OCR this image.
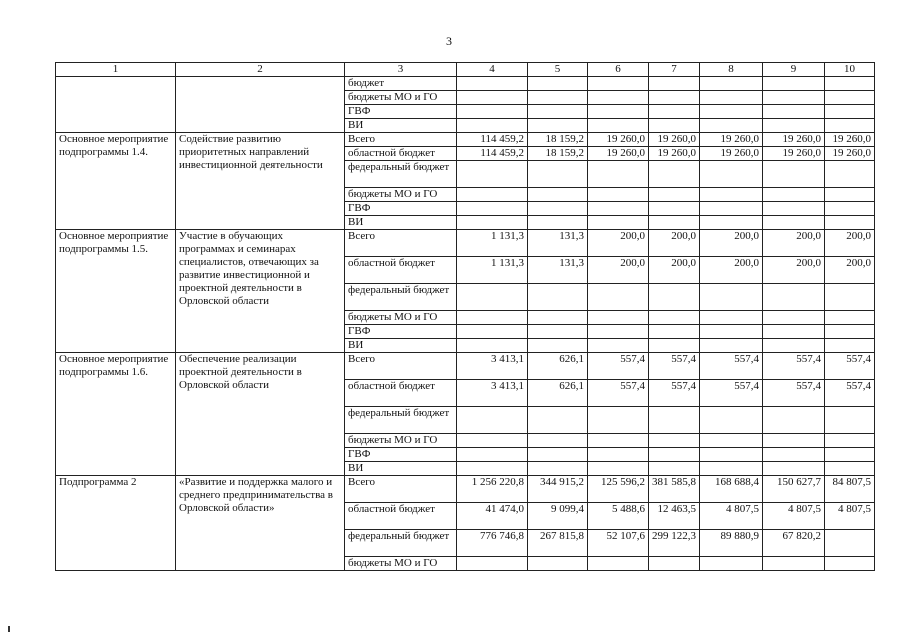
3
1	2	3	4	5	6	7	8	9	10
		бюджет							
		бюджеты МО и ГО							
		ГВФ							
		ВИ							
Основное мероприятие подпрограммы 1.4.	Содействие развитию приоритетных направлений инвестиционной деятельности	Всего	114 459,2	18 159,2	19 260,0	19 260,0	19 260,0	19 260,0	19 260,0
		областной бюджет	114 459,2	18 159,2	19 260,0	19 260,0	19 260,0	19 260,0	19 260,0
		федеральный бюджет							
		бюджеты МО и ГО							
		ГВФ							
		ВИ							
Основное мероприятие подпрограммы 1.5.	Участие в обучающих программах и семинарах специалистов, отвечающих за развитие инвестиционной и проектной деятельности в Орловской области	Всего	1 131,3	131,3	200,0	200,0	200,0	200,0	200,0
		областной бюджет	1 131,3	131,3	200,0	200,0	200,0	200,0	200,0
		федеральный бюджет							
		бюджеты МО и ГО							
		ГВФ							
		ВИ							
Основное мероприятие подпрограммы 1.6.	Обеспечение реализации проектной деятельности в Орловской области	Всего	3 413,1	626,1	557,4	557,4	557,4	557,4	557,4
		областной бюджет	3 413,1	626,1	557,4	557,4	557,4	557,4	557,4
		федеральный бюджет							
		бюджеты МО и ГО							
		ГВФ							
		ВИ							
Подпрограмма 2	«Развитие и поддержка малого и среднего предпринимательства в Орловской области»	Всего	1 256 220,8	344 915,2	125 596,2	381 585,8	168 688,4	150 627,7	84 807,5
		областной бюджет	41 474,0	9 099,4	5 488,6	12 463,5	4 807,5	4 807,5	4 807,5
		федеральный бюджет	776 746,8	267 815,8	52 107,6	299 122,3	89 880,9	67 820,2	
		бюджеты МО и ГО							
